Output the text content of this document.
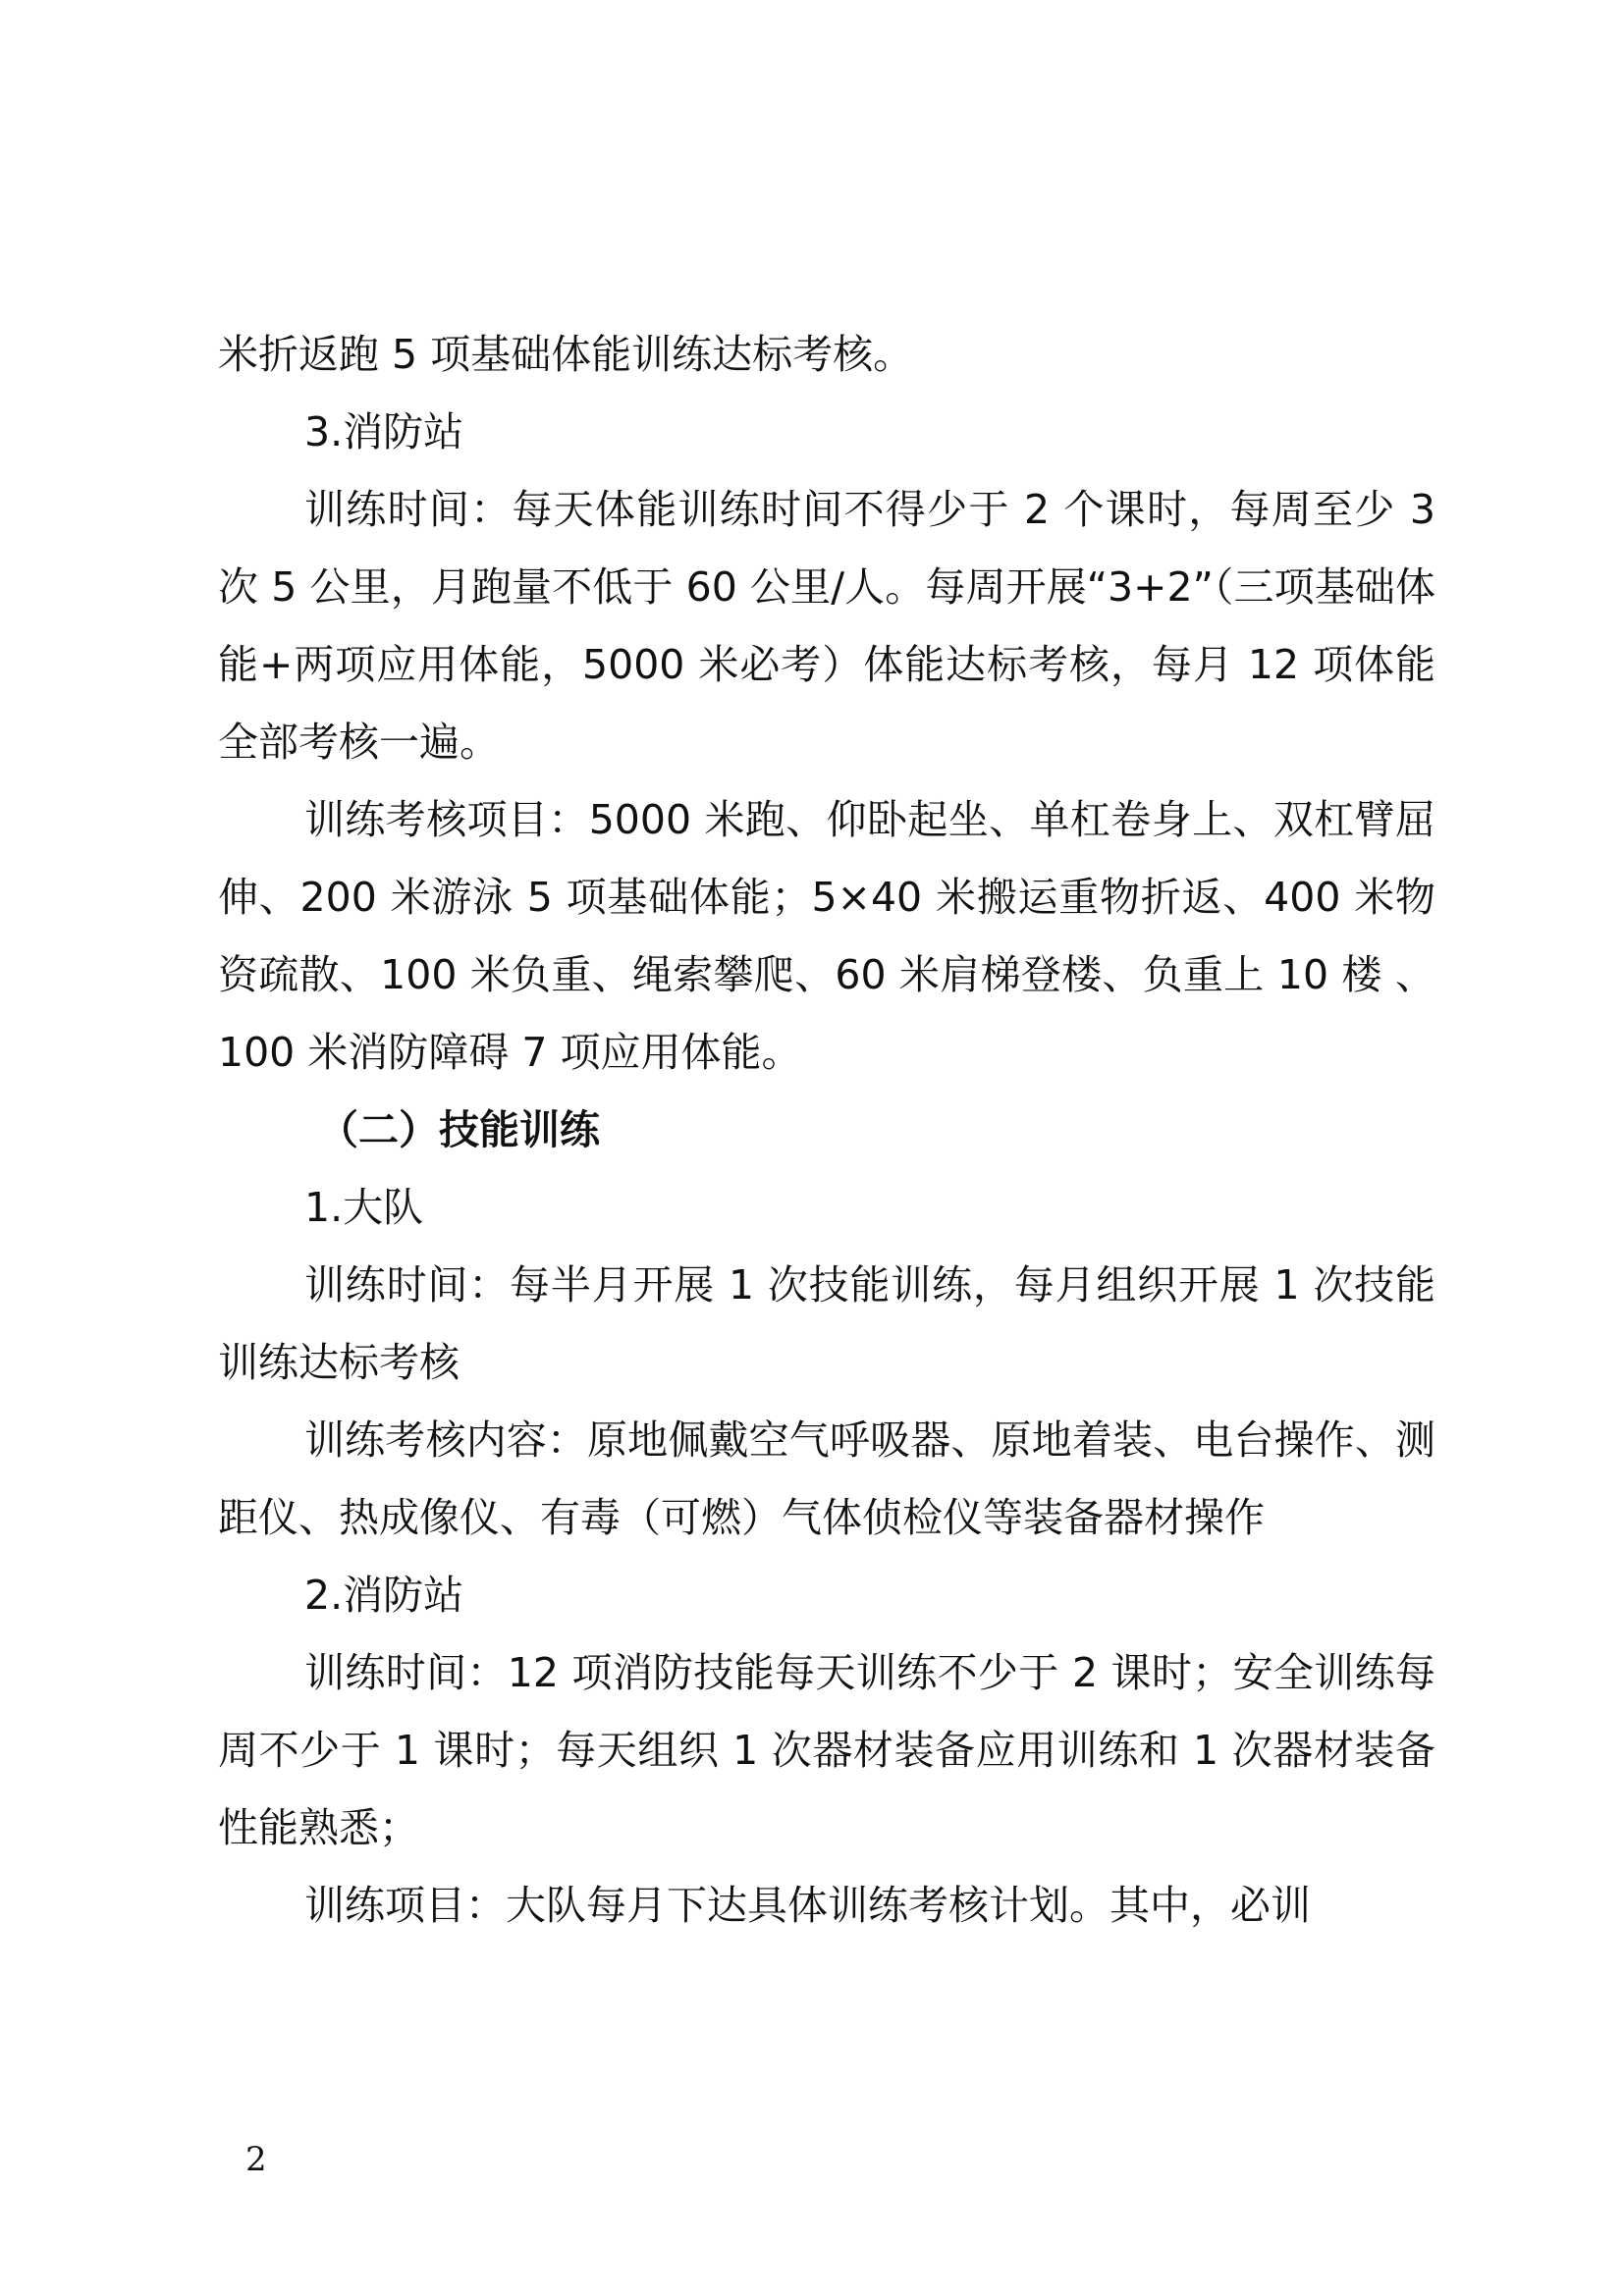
米折返跑 5 项基础体能训练达标考核。

3.消防站

训练时间：每天体能训练时间不得少于 2 个课时，每周至少 3 次 5 公里，月跑量不低于 60 公里/人。每周开展“3+2”（三项基础体能+两项应用体能，5000 米必考）体能达标考核，每月 12 项体能全部考核一遍。

训练考核项目：5000 米跑、仰卧起坐、单杠卷身上、双杠臂屈伸、200 米游泳 5 项基础体能；5×40 米搬运重物折返、400 米物资疏散、100 米负重、绳索攀爬、60 米肩梯登楼、负重上 10 楼 、100 米消防障碍 7 项应用体能。

（二）技能训练

1.大队

训练时间：每半月开展 1 次技能训练，每月组织开展 1 次技能训练达标考核

训练考核内容：原地佩戴空气呼吸器、原地着装、电台操作、测距仪、热成像仪、有毒（可燃）气体侦检仪等装备器材操作

2.消防站

训练时间：12 项消防技能每天训练不少于 2 课时；安全训练每周不少于 1 课时；每天组织 1 次器材装备应用训练和 1 次器材装备性能熟悉；

训练项目：大队每月下达具体训练考核计划。其中，必训

2
